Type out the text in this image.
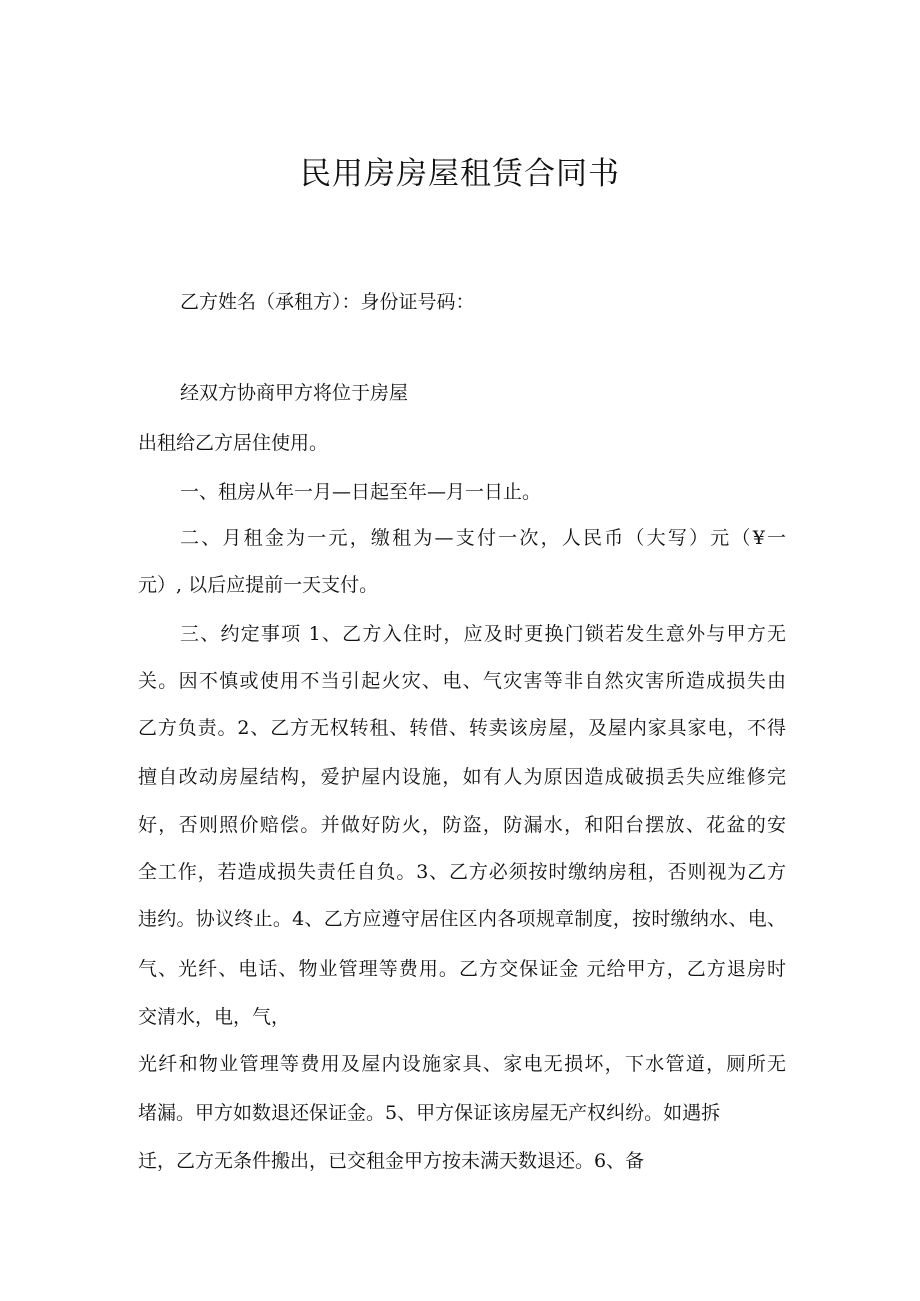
民用房房屋租赁合同书
乙方姓名（承租方）：身份证号码：
经双方协商甲方将位于房屋
出租给乙方居住使用。
一、租房从年一月—日起至年—月一日止。
二、月租金为一元，缴租为—支付一次，人民币（大写）元（¥一
元）, 以后应提前一天支付。
三、约定事项 1、乙方入住时，应及时更换门锁若发生意外与甲方无
关。因不慎或使用不当引起火灾、电、气灾害等非自然灾害所造成损失由
乙方负责。2、乙方无权转租、转借、转卖该房屋，及屋内家具家电，不得
擅自改动房屋结构，爱护屋内设施，如有人为原因造成破损丢失应维修完
好，否则照价赔偿。并做好防火，防盗，防漏水，和阳台摆放、花盆的安
全工作，若造成损失责任自负。3、乙方必须按时缴纳房租，否则视为乙方
违约。协议终止。4、乙方应遵守居住区内各项规章制度，按时缴纳水、电、
气、光纤、电话、物业管理等费用。乙方交保证金 元给甲方，乙方退房时
交清水，电，气，
光纤和物业管理等费用及屋内设施家具、家电无损坏，下水管道，厕所无
堵漏。甲方如数退还保证金。5、甲方保证该房屋无产权纠纷。如遇拆
迁，乙方无条件搬出，已交租金甲方按未满天数退还。6、备
